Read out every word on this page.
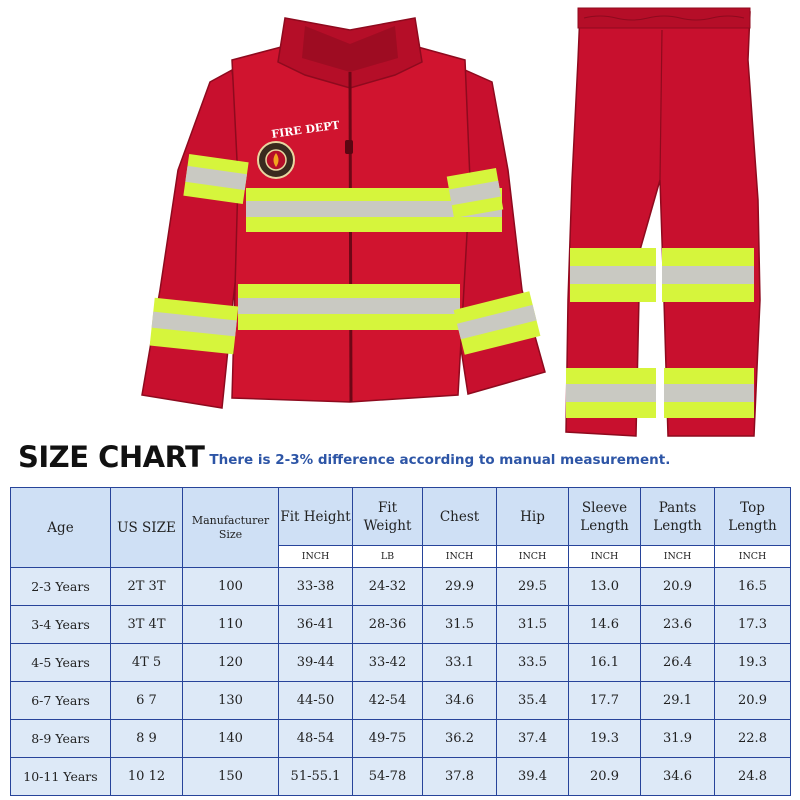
FIRE DEPT
SIZE CHART There is 2-3% difference according to manual measurement.
Age	US SIZE	Manufacturer Size	Fit Height	Fit Weight	Chest	Hip	Sleeve Length	Pants Length	Top Length
			INCH	LB	INCH	INCH	INCH	INCH	INCH
2-3 Years	2T 3T	100	33-38	24-32	29.9	29.5	13.0	20.9	16.5
3-4 Years	3T 4T	110	36-41	28-36	31.5	31.5	14.6	23.6	17.3
4-5 Years	4T 5	120	39-44	33-42	33.1	33.5	16.1	26.4	19.3
6-7 Years	6 7	130	44-50	42-54	34.6	35.4	17.7	29.1	20.9
8-9 Years	8 9	140	48-54	49-75	36.2	37.4	19.3	31.9	22.8
10-11 Years	10 12	150	51-55.1	54-78	37.8	39.4	20.9	34.6	24.8
